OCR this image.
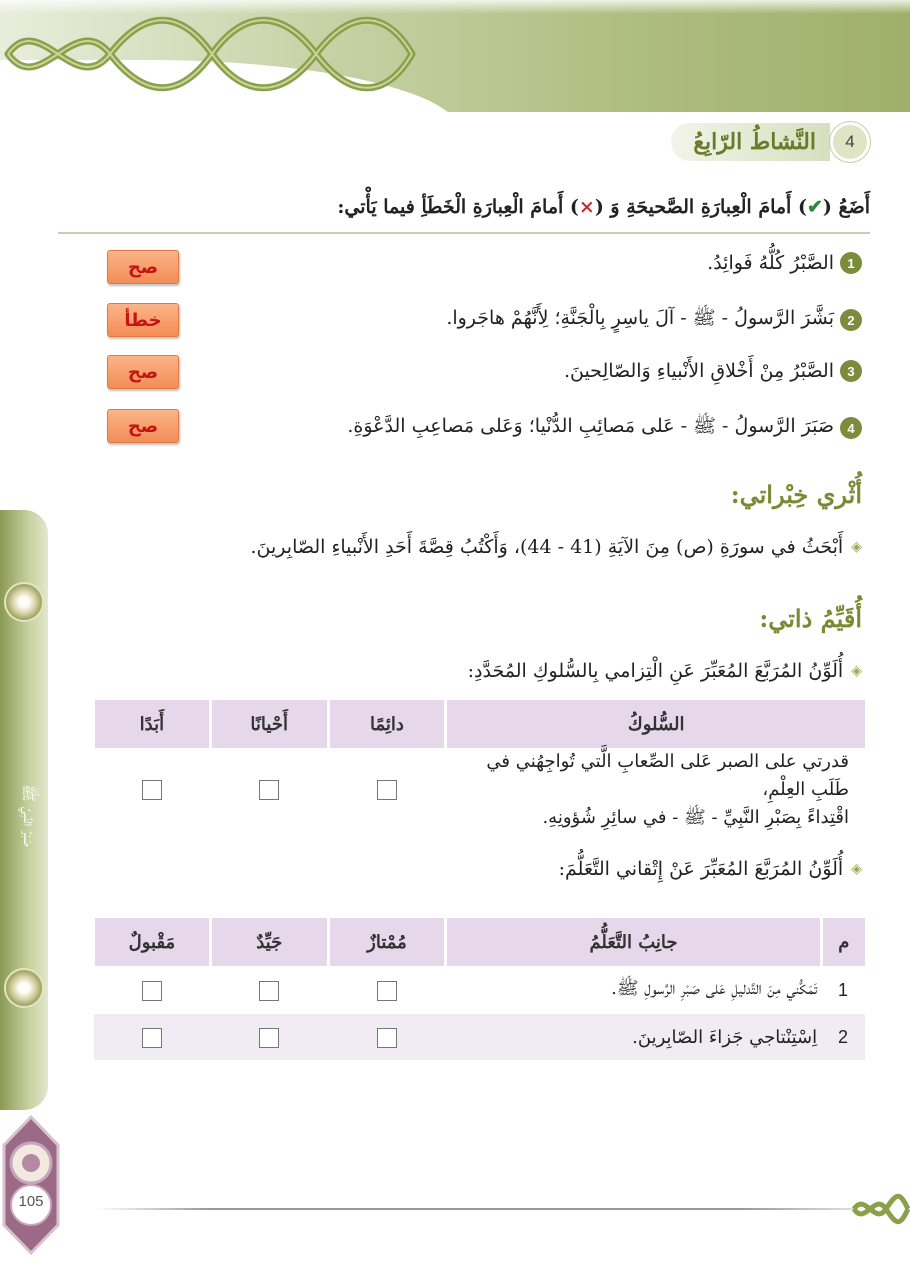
صَبْرُ النَّبِيِّ ﷺ
105
النَّشاطُ الرّابِعُ	4
أَضَعُ (✔) أَمامَ الْعِبارَةِ الصَّحيحَةِ وَ (×) أَمامَ الْعِبارَةِ الْخَطَأِ فيما يَأْتي:
1
الصَّبْرُ كُلُّهُ فَوائِدُ.
صح
2
بَشَّرَ الرَّسولُ - ﷺ - آلَ ياسِرٍ بِالْجَنَّةِ؛ لِأَنَّهُمْ هاجَروا.
خطأ
3
الصَّبْرُ مِنْ أَخْلاقِ الأَنْبياءِ وَالصّالِحينَ.
صح
4
صَبَرَ الرَّسولُ - ﷺ - عَلى مَصائِبِ الدُّنْيا؛ وَعَلى مَصاعِبِ الدَّعْوَةِ.
صح
أُثْري خِبْراتي:
◈
أَبْحَثُ في سورَةِ (ص) مِنَ الآيَةِ (41 - 44)، وَأَكْتُبُ قِصَّةَ أَحَدِ الأَنْبياءِ الصّابِرينَ.
أُقَيِّمُ ذاتي:
◈
أُلَوِّنُ المُرَبَّعَ المُعَبِّرَ عَنِ الْتِزامي بِالسُّلوكِ المُحَدَّدِ:
السُّلوكُ	دائِمًا	أَحْيانًا	أَبَدًا

قدرتي على الصبر عَلى الصِّعابِ الَّتي تُواجِهُني في طَلَبِ العِلْمِ،
اقْتِداءً بِصَبْرِ النَّبِيِّ - ﷺ - في سائِرِ شُؤونِهِ.			

◈
أُلَوِّنُ المُرَبَّعَ المُعَبِّرَ عَنْ إِتْقاني التَّعَلُّمَ:
م	جانِبُ التَّعَلُّمُ	مُمْتازٌ	جَيِّدٌ	مَقْبولٌ
1	تَمَكُّني مِنَ التَّدليلِ عَلى صَبْرِ الرَّسولِ ﷺ.			
2	اِسْتِنْتاجي جَزاءَ الصّابِرينَ.			
